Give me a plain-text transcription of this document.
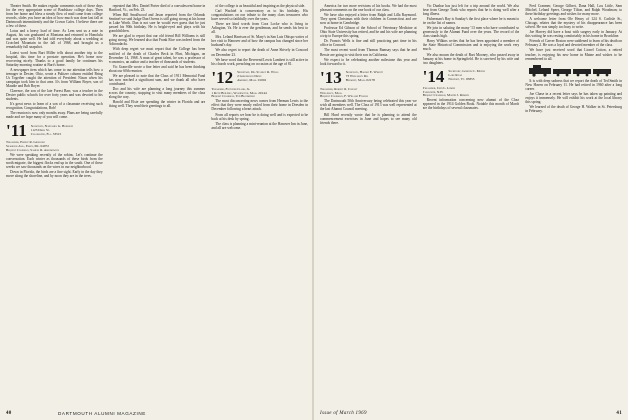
Theater Smith. He makes regular comments each of these days for the very appropriate scene of Bradshaw college days. Then from her home and bless a steady flow of mail came from college records, slides you have an idea of how much was done last fall at Dartmouth intermittently and the Crown Cafes. I believe there are a few of these.

Lotus and a heavy load of time. As Lem sent us a note in August, his son graduated at Montana and returned to Honolulu and was quite well. He had told everybody about a wedding at Crotched Mountain in the fall of 1968, and brought us a remarkably full snapshot.

Latest word from Burt Miller tells about another trip to the hospital, this time for a prostate operation. He's home now recovering nicely. Thanks to a good family he continues his Saturday morning routine at Burt's home.

A newspaper item which has come to our attention tells how a teenager in Dexter, Ohio, wrote a Pulitzer column entitled Bring Us Together caught the attention of President Nixon when his campaign took him to that area. It's from William Boyer, son of Maudie and Bob Boyer.

Clarence, the son of the late Forest Barr, was a teacher in the Dexter public schools for over forty years and was devoted to his students.

It's great news to learn of a son of a classmate receiving such recognition. Congratulations, Bob!

The reunion is now only months away. Plans are being carefully made and we hope many of you will come.

'11 Secretary, Nathaniel G. Burleigh
1123 Drew St.
Clearwater, Fla. 33515
Treasurer, Ernest R. Griswold
Seabrook Ave., Essex, Me. 04072
Bequest Chairman, Samuel R. Abromowick

We were speaking recently of the robins. Let's continue the conversation. Each winter as thousands of these birds from the north migrate, the biggest flocks end up in the south. One of these weeks we saw thousands on the wires in our neighborhood.

Down in Florida, the birds are a fine sight. Early in the day they move along the shoreline, and by noon they are in the trees.

repeated that Mrs. Daniel Porter died of a convalescent home in Hartford, Vt., on Feb. 23.

When Bill Smallwood and Jason reported from the Orlando Sentinel we said Judge Dan Owens is still going strong at his home in Lake Worth. Dan is not sure he would ever guess that he just passed his 90th birthday. He is bright-eyed and plays with his grandchildren.

We are glad to report that our old friend Bill Williams is still going strong. We learned also that Frank Rice was indeed from the Adirondacks.

With deep regret we must report that the College has been notified of the death of Charles Beck in Flint, Michigan, on December 14, 1968. A man of great talent, he was a professor of economics, an author and a teacher of thousands of students.

Vic Granville wrote a fine letter and said he has been thinking about our 60th reunion.

We are pleased to note that the Class of 1911 Memorial Fund has now reached a significant sum, and we thank all who have contributed.

Doc and his wife are planning a long journey this summer across the country, stopping to visit many members of the class along the way.

Harold and Elsie are spending the winter in Florida and are doing well. They send their greetings to all.

of the college is as beautiful and inspiring as the physical side.

Carl Wachtel is conservatory as to his birthday. His congratulations on our tribute to the many class treasurers who have served so faithfully over the years.

There are kind words from Cora Locke who is living in Arlington, Va. He is ever the gentleman, and he sends his best to all.

Mrs. Leland Harrison of St. Mary's in San Luis Obispo writes of her visit to Hanover and of how the campus has changed since her husband's day.

We also regret to report the death of Anne Shively in Concord on December 23.

We have word that the Reverend Lewis Lambert is still active in his church work, preaching on occasion at the age of 81.

'12 Secretary, Dr. Stanley R. Wills
2 Greenwood Drive
Amherst, Mass. 01002
Treasurer, Fletcher Clark, Jr.
1 Ruth Building, Washington, Mass. 20144
Bequest Chairman, Ted Bloomfield

The most disconcerting news comes from Herman Lewis to the effect that they were nearly exiled from their home in Dresden in December following a heart attack.

From all reports we hear he is doing well and is expected to be back at his desk by spring.

The class is planning a mini-reunion at the Hanover Inn in June, and all are welcome.

America for two more revisions of his books. We had the most pleasant comments on the one book of our class.

We have also enjoyed a letter from Ralph and Lilla Raymond. They spent Christmas with their children in Connecticut and are now at home in Cambridge.

Professor Ed Gibson of the School of Veterinary Medicine at Ohio State University has retired, and he and his wife are planning a trip to Europe this spring.

Dr. Francis Wells is fine and still practicing part time in his office in Concord.

The most recent word from Thomas Ramsay says that he and Bessie are going to visit their son in California.

We expect to be celebrating another milestone this year and look forward to it.

'13 Secretary, Harold E. Wright
73 Wellesley Rd.
Belmont, Mass. 02178
Treasurer, Robert O. Conant
Wellesley, Mass.
Bequest Chairman, F. Willard Fowler

The Dartmouth 50th Anniversary being celebrated this year we wish all members well. The Class of 1913 was well represented at the last Alumni Council meeting.

Bill Hurd recently wrote that he is planning to attend the commencement exercises in June and hopes to see many old friends there.

Vic Dunbar has just left for a trip around the world. We also hear from George Trask who reports that he is doing well after a long illness.

Fisherman's Bay is Sunday's the first place where he is meant to be on the list of names.

We join in saluting the many '13 men who have contributed so generously to the Alumni Fund over the years. The record of the class stands high.

Harry Wilkins writes that he has been appointed a member of the State Historical Commission and is enjoying the work very much.

We also mourn the death of Bart Mooney, who passed away in January at his home in Springfield. He is survived by his wife and two daughters.

'14 Secretary, Gordon C. Mayer
Lake Road
Newport, Vt. 05855
Treasurer, John L. Lemon
Tamworth, N.H.
Bequest Chairman, Martin J. Remsen

Recent information concerning new alumni of the Class appeared in the 1914 Golden Book. Notable this month of March are the birthdays of several classmates.

Fred Cranmer, George Gilbert, Dana Hall, Lou Little, Sam Mitchel, Leland Speer, George Tilton, and Ralph Woodman; to these birthday greetings and wishes for many more.

A welcome letter from Ole Henry of 124 S. Carlisle St., Chicago, relates that the mystery of his disappearance has been solved. He was simply too busy to write.

Joe Harvey did have a bout with surgery early in January. At this writing he was resting comfortably in his home in Brookline.

Friends of Carver Boston were saddened to learn of his death on February 2. He was a loyal and devoted member of the class.

We have just received word that Lionel Cotton, a retired teacher, is enjoying his new home in Maine and wishes to be remembered to all.

It is with deep sadness that we report the death of Ted Smith in New Haven on February 11. He had retired in 1960 after a long career.

Joe Chase in a recent letter says he has taken up painting and enjoys it immensely. He will exhibit his work at the local library this spring.

We learned of the death of George H. Walker in St. Petersburg in February.

40	DARTMOUTH ALUMNI MAGAZINE	Issue of March 1969	41
